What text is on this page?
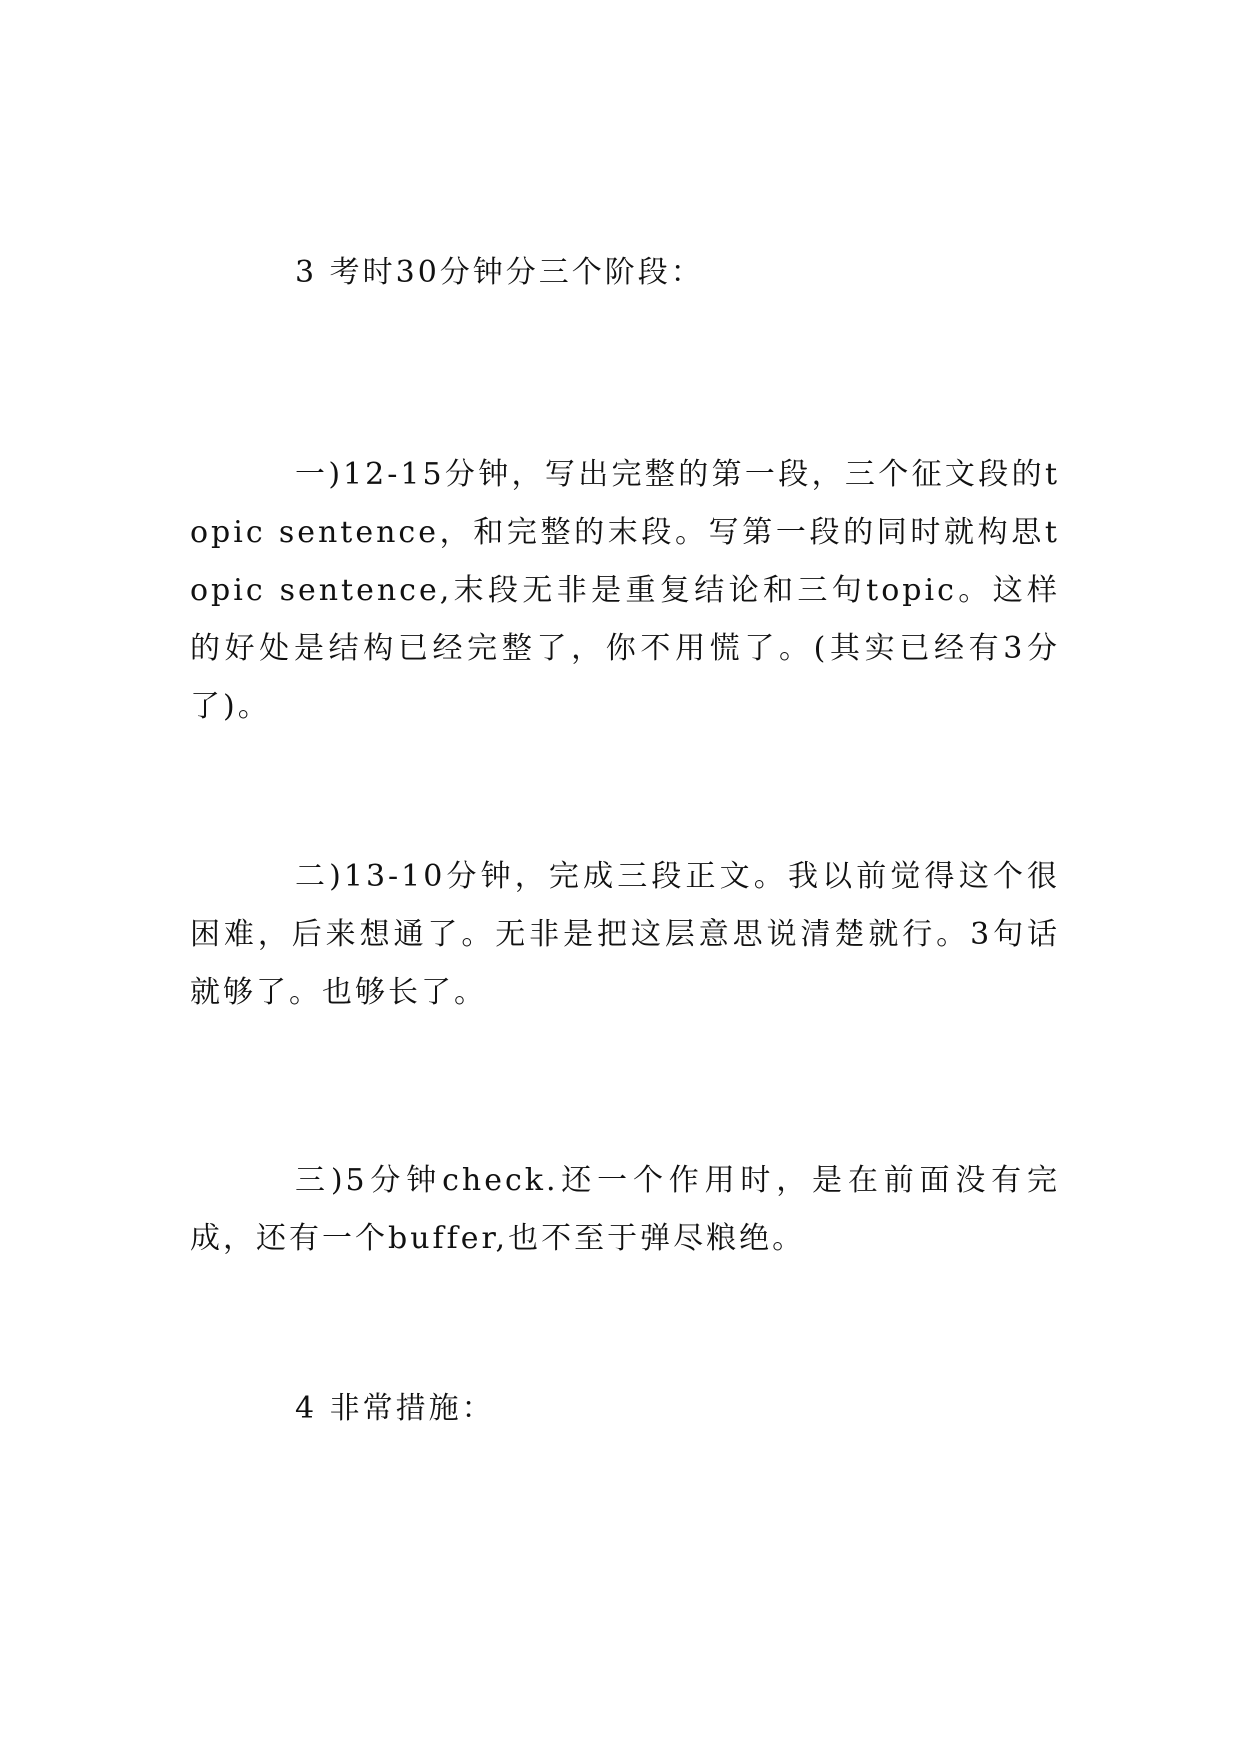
3 考时30分钟分三个阶段：

一)12-15分钟，写出完整的第一段，三个征文段的topic sentence，和完整的末段。写第一段的同时就构思topic sentence,末段无非是重复结论和三句topic。这样的好处是结构已经完整了，你不用慌了。(其实已经有3分了)。

二)13-10分钟，完成三段正文。我以前觉得这个很困难，后来想通了。无非是把这层意思说清楚就行。3句话就够了。也够长了。

三)5分钟check.还一个作用时，是在前面没有完成，还有一个buffer,也不至于弹尽粮绝。

4 非常措施：
